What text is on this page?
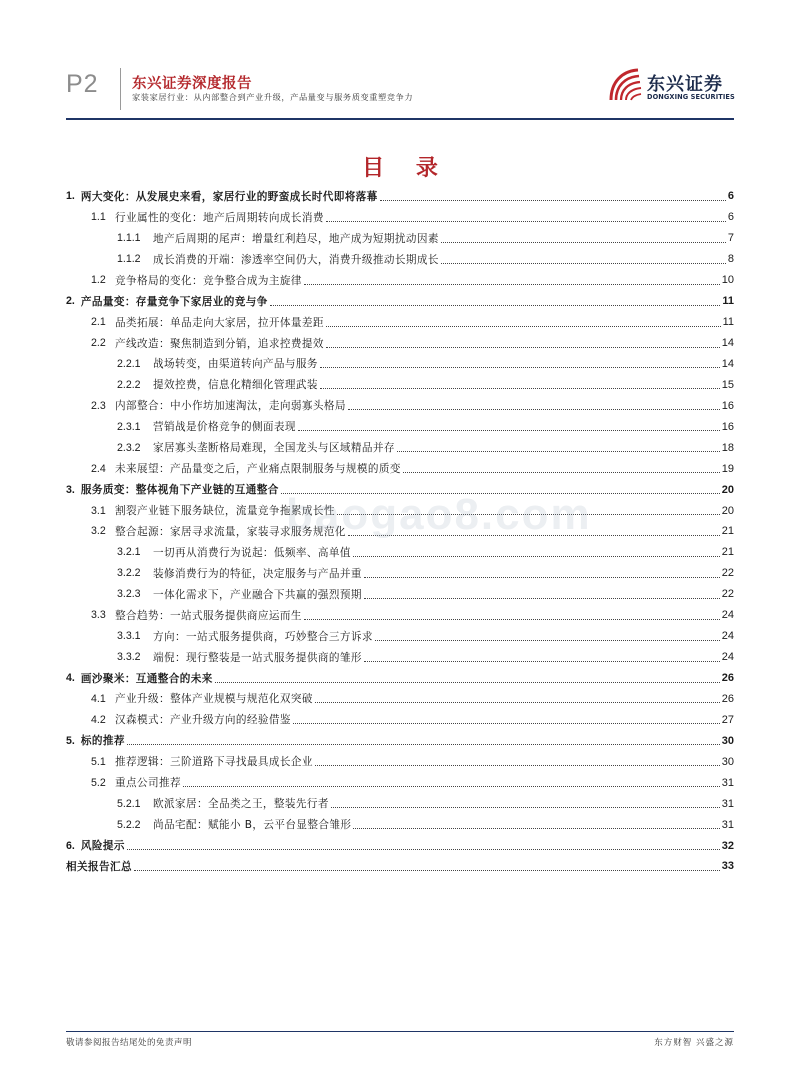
P2 东兴证券深度报告
家装家居行业：从内部整合到产业升级，产品量变与服务质变重塑竞争力
东兴证券
DONGXING SECURITIES
目 录
1. 两大变化：从发展史来看，家居行业的野蛮成长时代即将落幕	6
1.1 行业属性的变化：地产后周期转向成长消费	6
1.1.1	地产后周期的尾声：增量红利趋尽，地产成为短期扰动因素	7
1.1.2	成长消费的开端：渗透率空间仍大，消费升级推动长期成长	8
1.2 竞争格局的变化：竞争整合成为主旋律	10
2. 产品量变：存量竞争下家居业的竞与争	11
2.1 品类拓展：单品走向大家居，拉开体量差距	11
2.2 产线改造：聚焦制造到分销，追求控费提效	14
2.2.1	战场转变，由渠道转向产品与服务	14
2.2.2	提效控费，信息化精细化管理武装	15
2.3 内部整合：中小作坊加速淘汰，走向弱寡头格局	16
2.3.1	营销战是价格竞争的侧面表现	16
2.3.2	家居寡头垄断格局难现，全国龙头与区域精品并存	18
2.4 未来展望：产品量变之后，产业痛点限制服务与规模的质变	19
3. 服务质变：整体视角下产业链的互通整合	20
3.1 割裂产业链下服务缺位，流量竞争拖累成长性	20
3.2 整合起源：家居寻求流量，家装寻求服务规范化	21
3.2.1	一切再从消费行为说起：低频率、高单值	21
3.2.2	装修消费行为的特征，决定服务与产品并重	22
3.2.3	一体化需求下，产业融合下共赢的强烈预期	22
3.3 整合趋势：一站式服务提供商应运而生	24
3.3.1	方向：一站式服务提供商，巧妙整合三方诉求	24
3.3.2	端倪：现行整装是一站式服务提供商的雏形	24
4. 画沙聚米：互通整合的未来	26
4.1 产业升级：整体产业规模与规范化双突破	26
4.2 汉森模式：产业升级方向的经验借鉴	27
5. 标的推荐	30
5.1 推荐逻辑：三阶道路下寻找最具成长企业	30
5.2 重点公司推荐	31
5.2.1	欧派家居：全品类之王，整装先行者	31
5.2.2	尚品宅配：赋能小 B，云平台显整合雏形	31
6. 风险提示	32
相关报告汇总	33
baogao8.com
敬请参阅报告结尾处的免责声明	东方财智 兴盛之源
